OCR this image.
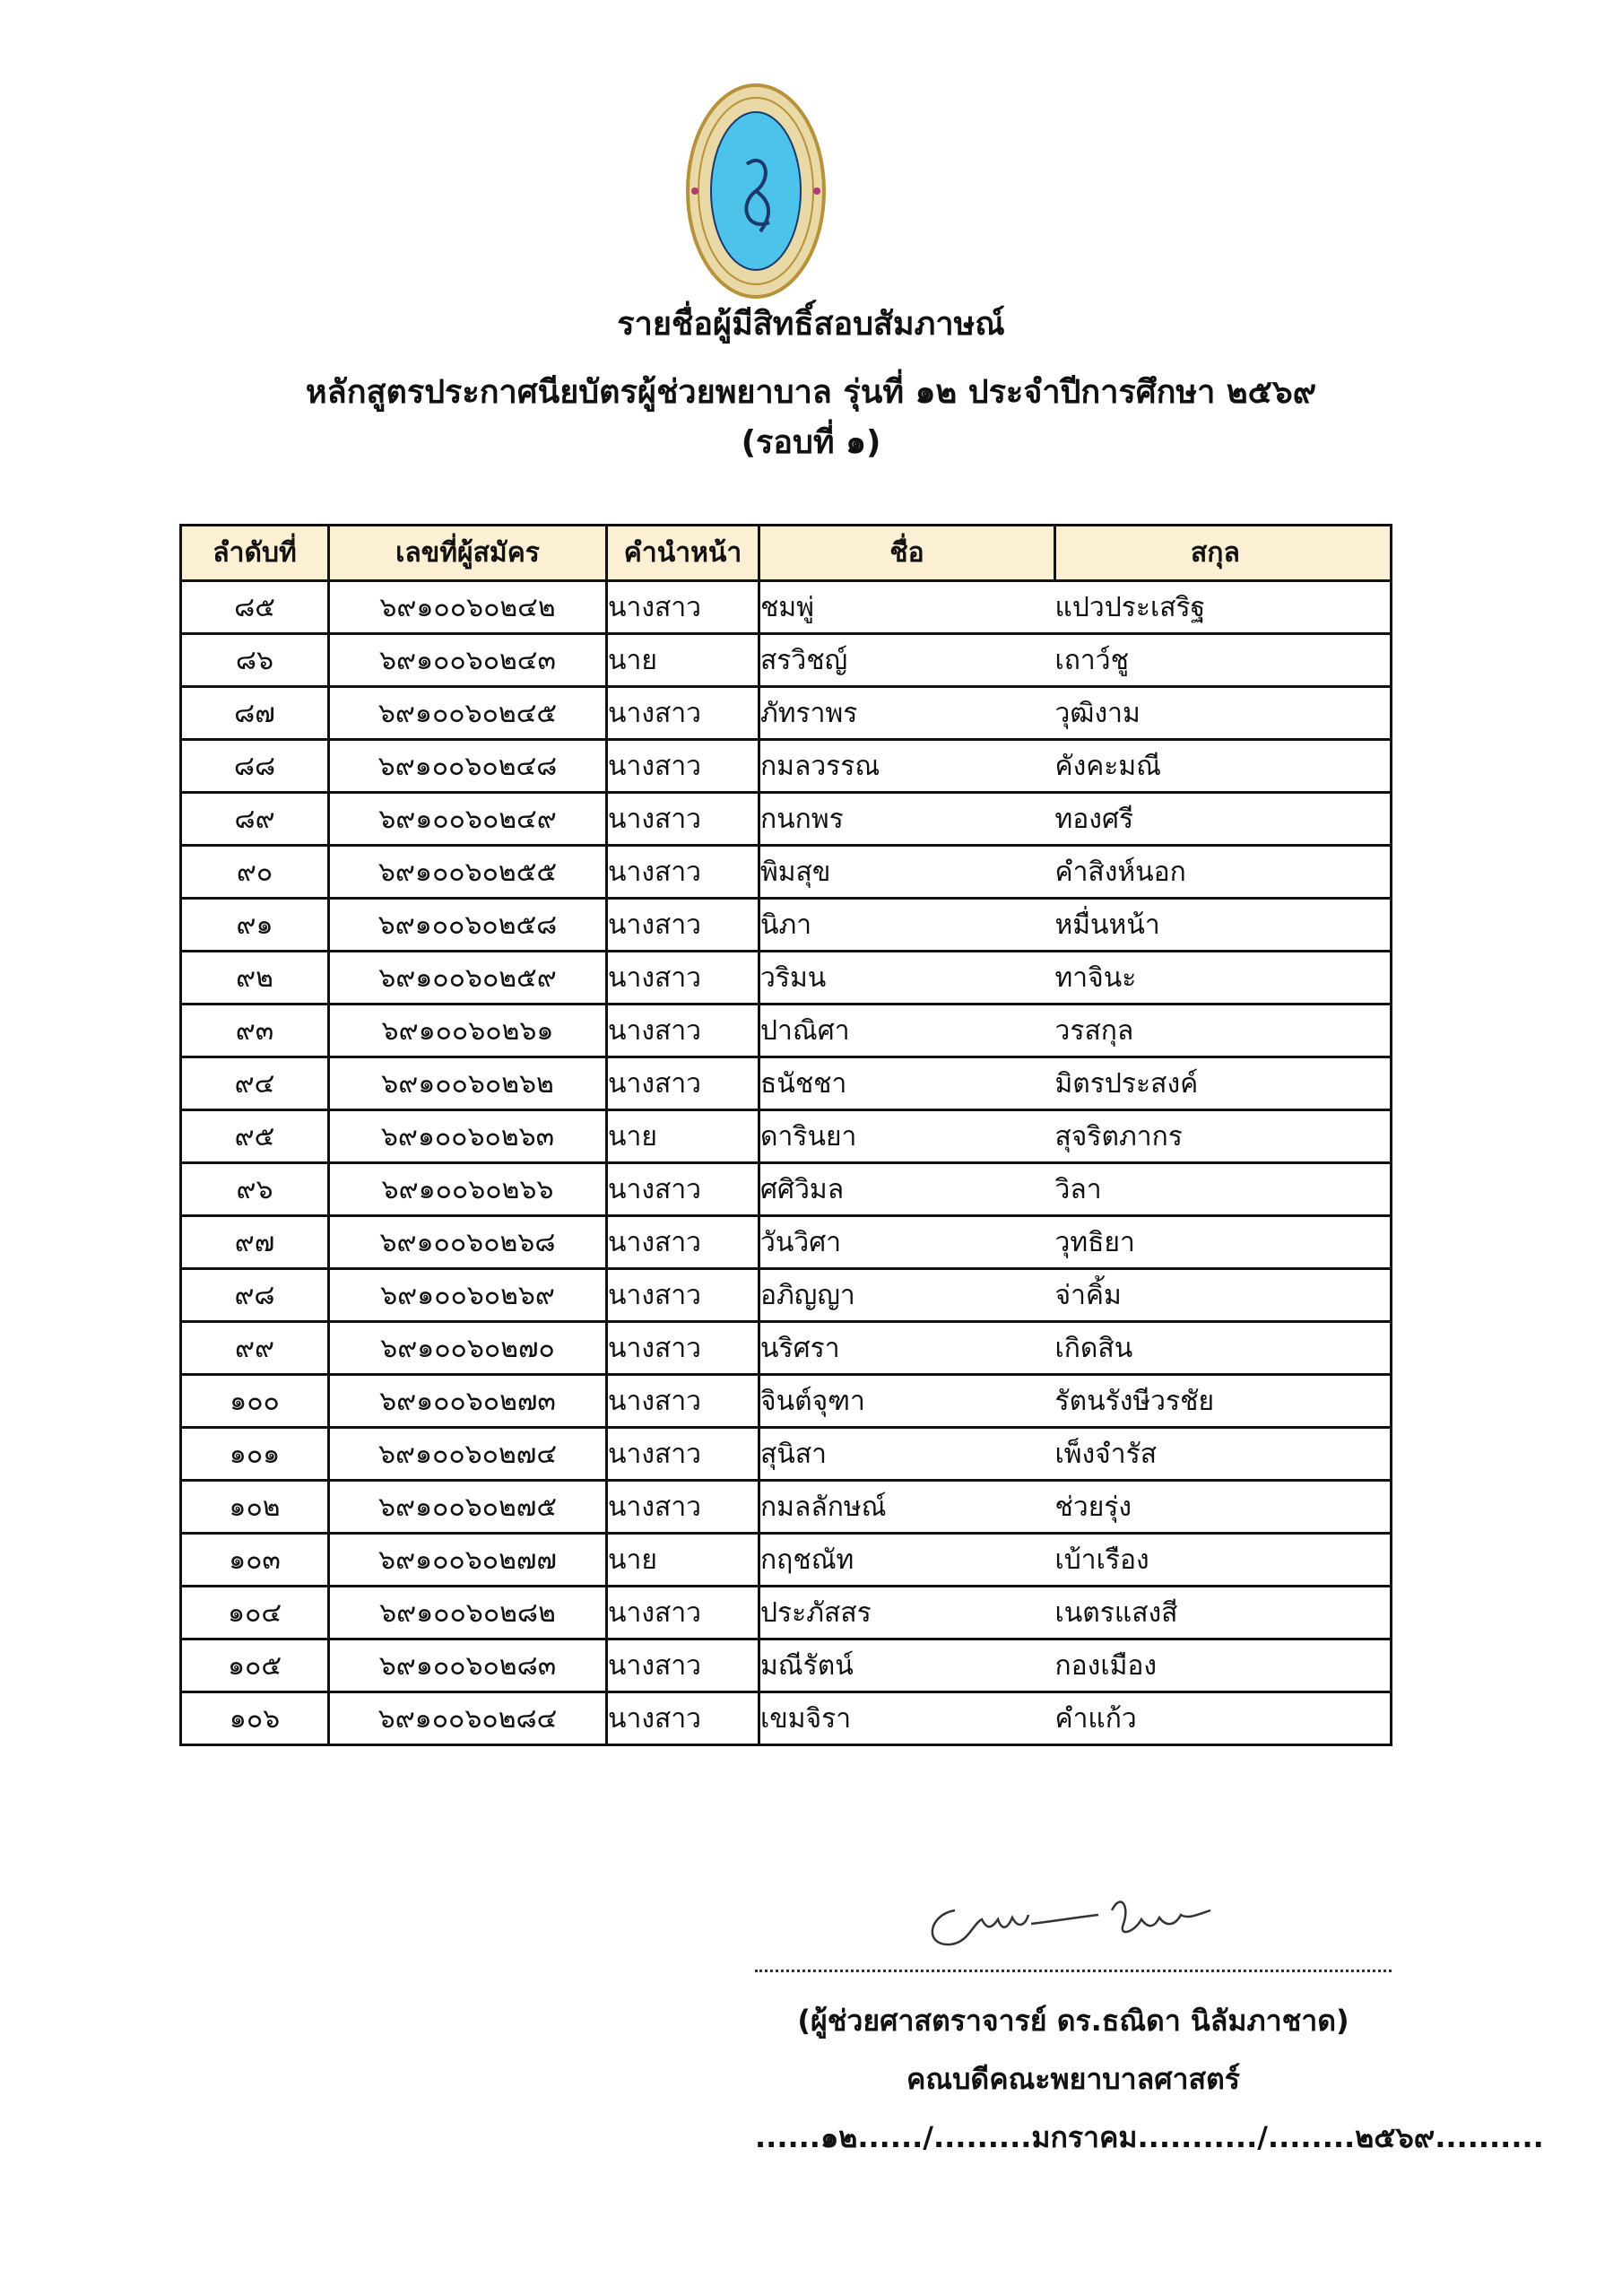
รายชื่อผู้มีสิทธิ์สอบสัมภาษณ์
หลักสูตรประกาศนียบัตรผู้ช่วยพยาบาล รุ่นที่ ๑๒ ประจำปีการศึกษา ๒๕๖๙
(รอบที่ ๑)
ลำดับที่	เลขที่ผู้สมัคร	คำนำหน้า	ชื่อ	สกุล
๘๕	๖๙๑๐๐๖๐๒๔๒	นางสาว	ชมพู่	แปวประเสริฐ
๘๖	๖๙๑๐๐๖๐๒๔๓	นาย	สรวิชญ์	เถาว์ชู
๘๗	๖๙๑๐๐๖๐๒๔๕	นางสาว	ภัทราพร	วุฒิงาม
๘๘	๖๙๑๐๐๖๐๒๔๘	นางสาว	กมลวรรณ	คังคะมณี
๘๙	๖๙๑๐๐๖๐๒๔๙	นางสาว	กนกพร	ทองศรี
๙๐	๖๙๑๐๐๖๐๒๕๕	นางสาว	พิมสุข	คำสิงห์นอก
๙๑	๖๙๑๐๐๖๐๒๕๘	นางสาว	นิภา	หมื่นหน้า
๙๒	๖๙๑๐๐๖๐๒๕๙	นางสาว	วริมน	ทาจินะ
๙๓	๖๙๑๐๐๖๐๒๖๑	นางสาว	ปาณิศา	วรสกุล
๙๔	๖๙๑๐๐๖๐๒๖๒	นางสาว	ธนัชชา	มิตรประสงค์
๙๕	๖๙๑๐๐๖๐๒๖๓	นาย	ดารินยา	สุจริตภากร
๙๖	๖๙๑๐๐๖๐๒๖๖	นางสาว	ศศิวิมล	วิลา
๙๗	๖๙๑๐๐๖๐๒๖๘	นางสาว	วันวิศา	วุทธิยา
๙๘	๖๙๑๐๐๖๐๒๖๙	นางสาว	อภิญญา	จ่าคิ้ม
๙๙	๖๙๑๐๐๖๐๒๗๐	นางสาว	นริศรา	เกิดสิน
๑๐๐	๖๙๑๐๐๖๐๒๗๓	นางสาว	จินต์จุฑา	รัตนรังษีวรชัย
๑๐๑	๖๙๑๐๐๖๐๒๗๔	นางสาว	สุนิสา	เพ็งจำรัส
๑๐๒	๖๙๑๐๐๖๐๒๗๕	นางสาว	กมลลักษณ์	ช่วยรุ่ง
๑๐๓	๖๙๑๐๐๖๐๒๗๗	นาย	กฤชณัท	เบ้าเรือง
๑๐๔	๖๙๑๐๐๖๐๒๘๒	นางสาว	ประภัสสร	เนตรแสงสี
๑๐๕	๖๙๑๐๐๖๐๒๘๓	นางสาว	มณีรัตน์	กองเมือง
๑๐๖	๖๙๑๐๐๖๐๒๘๔	นางสาว	เขมจิรา	คำแก้ว
(ผู้ช่วยศาสตราจารย์ ดร.ธณิดา นิลัมภาชาด)
คณบดีคณะพยาบาลศาสตร์
......๑๒....../.........มกราคม.........../........๒๕๖๙..........
